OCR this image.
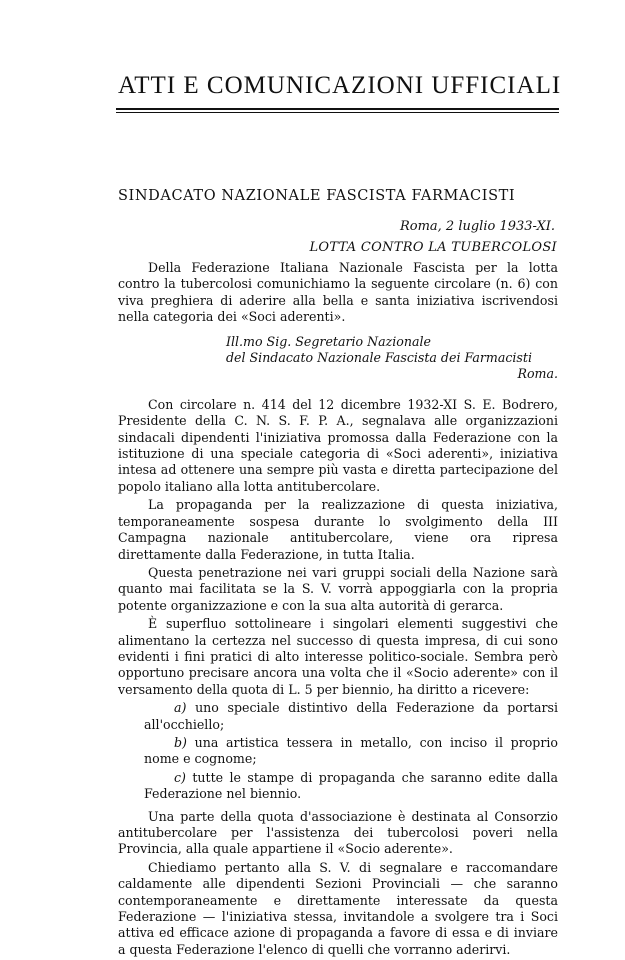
ATTI E COMUNICAZIONI UFFICIALI
SINDACATO NAZIONALE FASCISTA FARMACISTI
Roma, 2 luglio 1933-XI.
LOTTA CONTRO LA TUBERCOLOSI

Della Federazione Italiana Nazionale Fascista per la lotta contro la tubercolosi comunichiamo la seguente circolare (n. 6) con viva preghiera di aderire alla bella e santa iniziativa iscrivendosi nella categoria dei «Soci aderenti».

Ill.mo Sig. Segretario Nazionale
del Sindacato Nazionale Fascista dei Farmacisti
Roma.

Con circolare n. 414 del 12 dicembre 1932-XI S. E. Bodrero, Presidente della C. N. S. F. P. A., segnalava alle organizzazioni sindacali dipendenti l'iniziativa promossa dalla Federazione con la istituzione di una speciale categoria di «Soci aderenti», iniziativa intesa ad ottenere una sempre più vasta e diretta partecipazione del popolo italiano alla lotta antitubercolare.

La propaganda per la realizzazione di questa iniziativa, temporaneamente sospesa durante lo svolgimento della III Campagna nazionale antitubercolare, viene ora ripresa direttamente dalla Federazione, in tutta Italia.

Questa penetrazione nei vari gruppi sociali della Nazione sarà quanto mai facilitata se la S. V. vorrà appoggiarla con la propria potente organizzazione e con la sua alta autorità di gerarca.

È superfluo sottolineare i singolari elementi suggestivi che alimentano la certezza nel successo di questa impresa, di cui sono evidenti i fini pratici di alto interesse politico-sociale. Sembra però opportuno precisare ancora una volta che il «Socio aderente» con il versamento della quota di L. 5 per biennio, ha diritto a ricevere:

a) uno speciale distintivo della Federazione da portarsi all'occhiello;

b) una artistica tessera in metallo, con inciso il proprio nome e cognome;

c) tutte le stampe di propaganda che saranno edite dalla Federazione nel biennio.

Una parte della quota d'associazione è destinata al Consorzio antitubercolare per l'assistenza dei tubercolosi poveri nella Provincia, alla quale appartiene il «Socio aderente».

Chiediamo pertanto alla S. V. di segnalare e raccomandare caldamente alle dipendenti Sezioni Provinciali — che saranno contemporaneamente e direttamente interessate da questa Federazione — l'iniziativa stessa, invitandole a svolgere tra i Soci attiva ed efficace azione di propaganda a favore di essa e di inviare a questa Federazione l'elenco di quelli che vorranno aderirvi.
